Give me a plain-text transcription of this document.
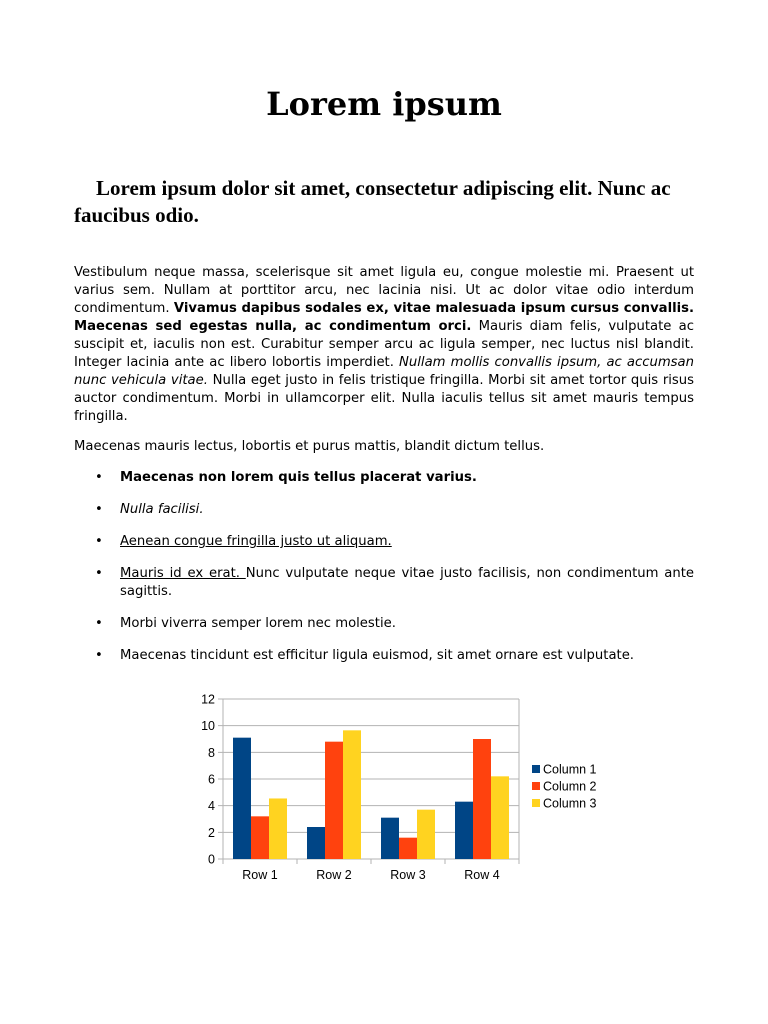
Lorem ipsum

Lorem ipsum dolor sit amet, consectetur adipiscing elit. Nunc ac faucibus odio.

Vestibulum neque massa, scelerisque sit amet ligula eu, congue molestie mi. Praesent ut varius sem. Nullam at porttitor arcu, nec lacinia nisi. Ut ac dolor vitae odio interdum condimentum. Vivamus dapibus sodales ex, vitae malesuada ipsum cursus convallis. Maecenas sed egestas nulla, ac condimentum orci. Mauris diam felis, vulputate ac suscipit et, iaculis non est. Curabitur semper arcu ac ligula semper, nec luctus nisl blandit. Integer lacinia ante ac libero lobortis imperdiet. Nullam mollis convallis ipsum, ac accumsan nunc vehicula vitae. Nulla eget justo in felis tristique fringilla. Morbi sit amet tortor quis risus auctor condimentum. Morbi in ullamcorper elit. Nulla iaculis tellus sit amet mauris tempus fringilla.

Maecenas mauris lectus, lobortis et purus mattis, blandit dictum tellus.

• Maecenas non lorem quis tellus placerat varius.
• Nulla facilisi.
• Aenean congue fringilla justo ut aliquam.
• Mauris id ex erat. Nunc vulputate neque vitae justo facilisis, non condimentum ante sagittis.
• Morbi viverra semper lorem nec molestie.
• Maecenas tincidunt est efficitur ligula euismod, sit amet ornare est vulputate.
0
2
4
6
8
10
12
Row 1	Row 2	Row 3	Row 4
Column 1
Column 2
Column 3
